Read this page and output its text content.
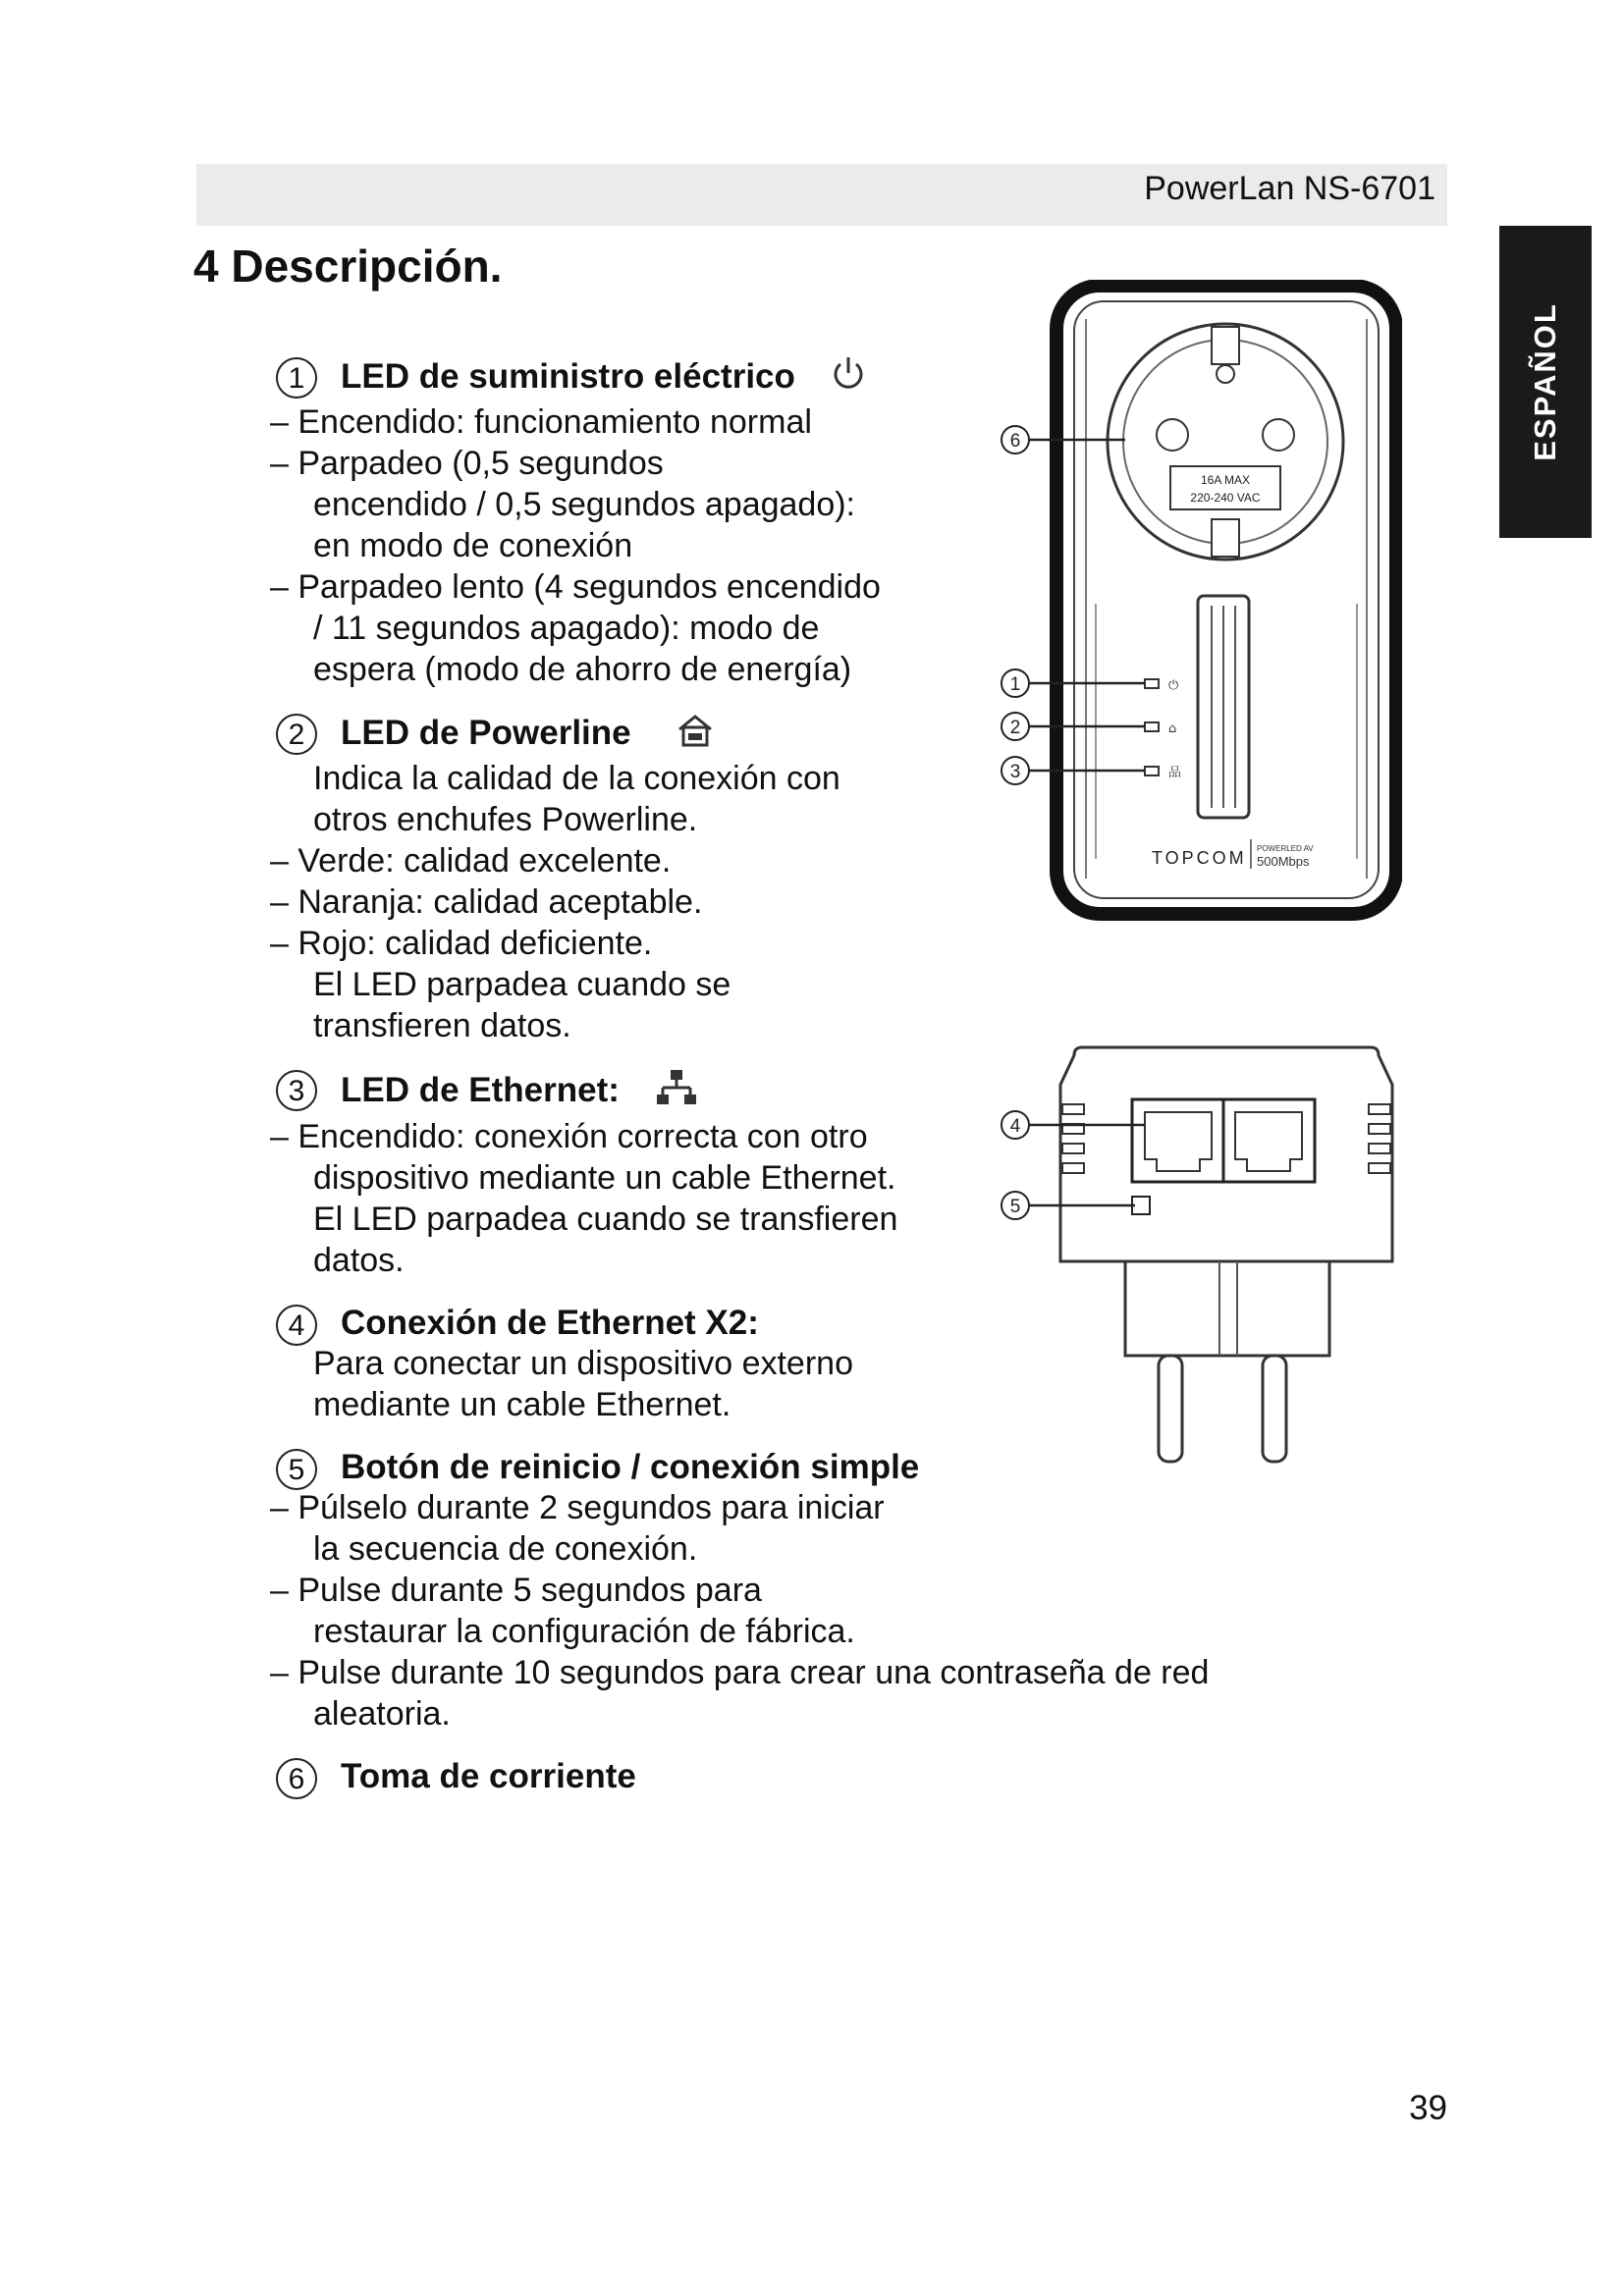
PowerLan NS-6701
ESPAÑOL
4 Descripción.
1	LED de suministro eléctrico
– Encendido: funcionamiento normal
– Parpadeo (0,5 segundos
encendido / 0,5 segundos apagado):
en modo de conexión
– Parpadeo lento (4 segundos encendido
/ 11 segundos apagado): modo de
espera (modo de ahorro de energía)
2	LED de Powerline
Indica la calidad de la conexión con
otros enchufes Powerline.
– Verde: calidad excelente.
– Naranja: calidad aceptable.
– Rojo: calidad deficiente.
El LED parpadea cuando se
transfieren datos.
3	LED de Ethernet:
– Encendido: conexión correcta con otro
dispositivo mediante un cable Ethernet.
El LED parpadea cuando se transfieren
datos.
4	Conexión de Ethernet X2:
Para conectar un dispositivo externo
mediante un cable Ethernet.
5	Botón de reinicio / conexión simple
– Púlselo durante 2 segundos para iniciar
la secuencia de conexión.
– Pulse durante 5 segundos para
restaurar la configuración de fábrica.
– Pulse durante 10 segundos para crear una contraseña de red
aleatoria.
6	Toma de corriente
16A MAX
220-240 VAC
⏻
⌂
品
TOPCOM POWERLED AV
500Mbps
6
1
2
3
4
5
39
